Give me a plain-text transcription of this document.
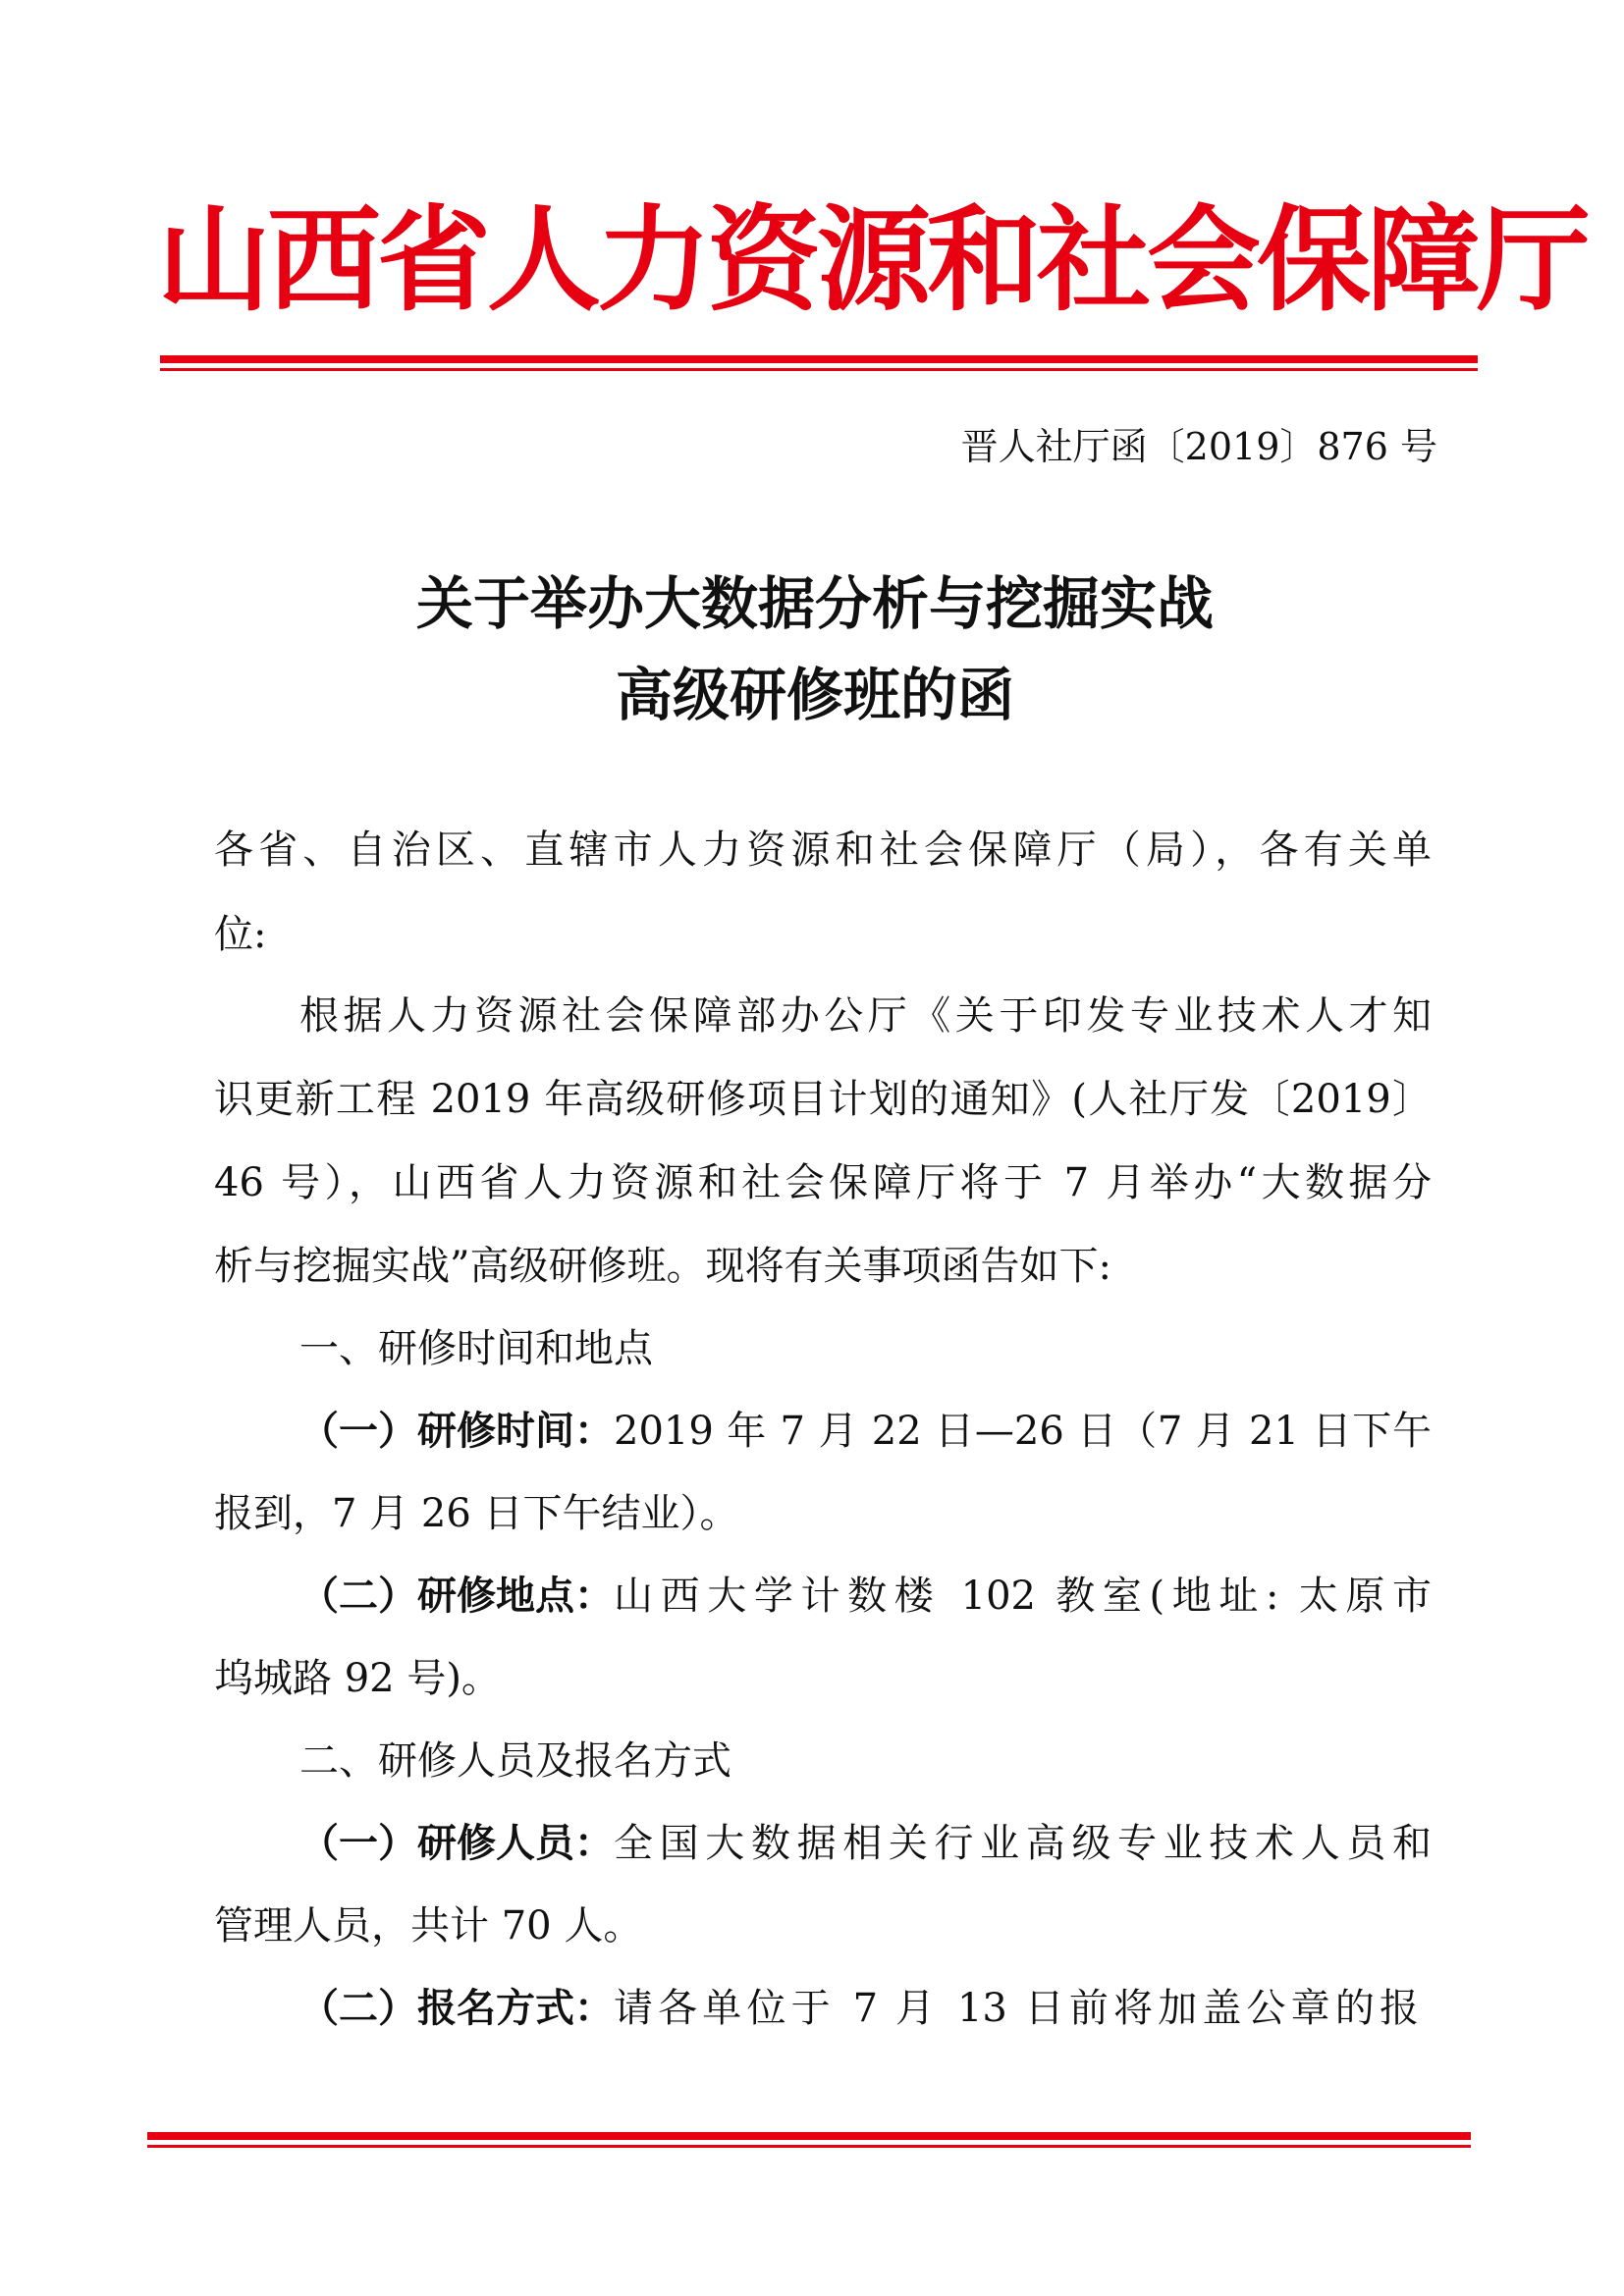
山西省人力资源和社会保障厅
晋人社厅函〔2019〕876 号
关于举办大数据分析与挖掘实战
高级研修班的函
各省、自治区、直辖市人力资源和社会保障厅（局），各有关单
位:
根据人力资源社会保障部办公厅《关于印发专业技术人才知
识更新工程 2019 年高级研修项目计划的通知》(人社厅发〔2019〕
46 号），山西省人力资源和社会保障厅将于 7 月举办“大数据分
析与挖掘实战”高级研修班。现将有关事项函告如下:
一、研修时间和地点
（一）研修时间： 2019 年 7 月 22 日—26 日（7 月 21 日下午
报到，7 月 26 日下午结业）。
（二）研修地点： 山西大学计数楼 102 教室(地址: 太原市
坞城路 92 号)。
二、研修人员及报名方式
（一）研修人员： 全国大数据相关行业高级专业技术人员和
管理人员，共计 70 人。
（二）报名方式： 请各单位于 7 月 13 日前将加盖公章的报
